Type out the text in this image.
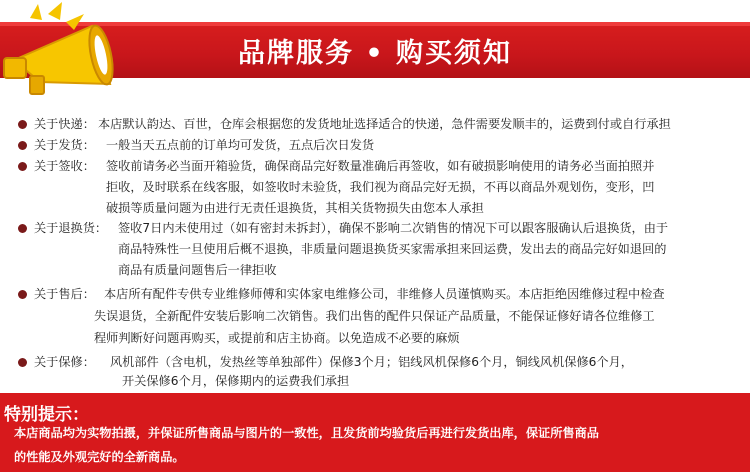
品牌服务 • 购买须知
关于快递： 本店默认韵达、百世，仓库会根据您的发货地址选择适合的快递，急件需要发顺丰的，运费到付或自行承担
关于发货： 一般当天五点前的订单均可发货，五点后次日发货
关于签收： 签收前请务必当面开箱验货，确保商品完好数量准确后再签收，如有破损影响使用的请务必当面拍照并
拒收，及时联系在线客服，如签收时未验货，我们视为商品完好无损，不再以商品外观划伤，变形，凹
破损等质量问题为由进行无责任退换货，其相关货物损失由您本人承担
关于退换货： 签收7日内未使用过（如有密封未拆封），确保不影响二次销售的情况下可以跟客服确认后退换货，由于
商品特殊性一旦使用后概不退换，非质量问题退换货买家需承担来回运费，发出去的商品完好如退回的
商品有质量问题售后一律拒收
关于售后： 本店所有配件专供专业维修师傅和实体家电维修公司，非维修人员谨慎购买。本店拒绝因维修过程中检查
失误退货，全新配件安装后影响二次销售。我们出售的配件只保证产品质量，不能保证修好请各位维修工
程师判断好问题再购买，或提前和店主协商。以免造成不必要的麻烦
关于保修： 风机部件（含电机，发热丝等单独部件）保修3个月；铝线风机保修6个月，铜线风机保修6个月，
开关保修6个月，保修期内的运费我们承担
特别提示：
本店商品均为实物拍摄，并保证所售商品与图片的一致性，且发货前均验货后再进行发货出库，保证所售商品
的性能及外观完好的全新商品。
